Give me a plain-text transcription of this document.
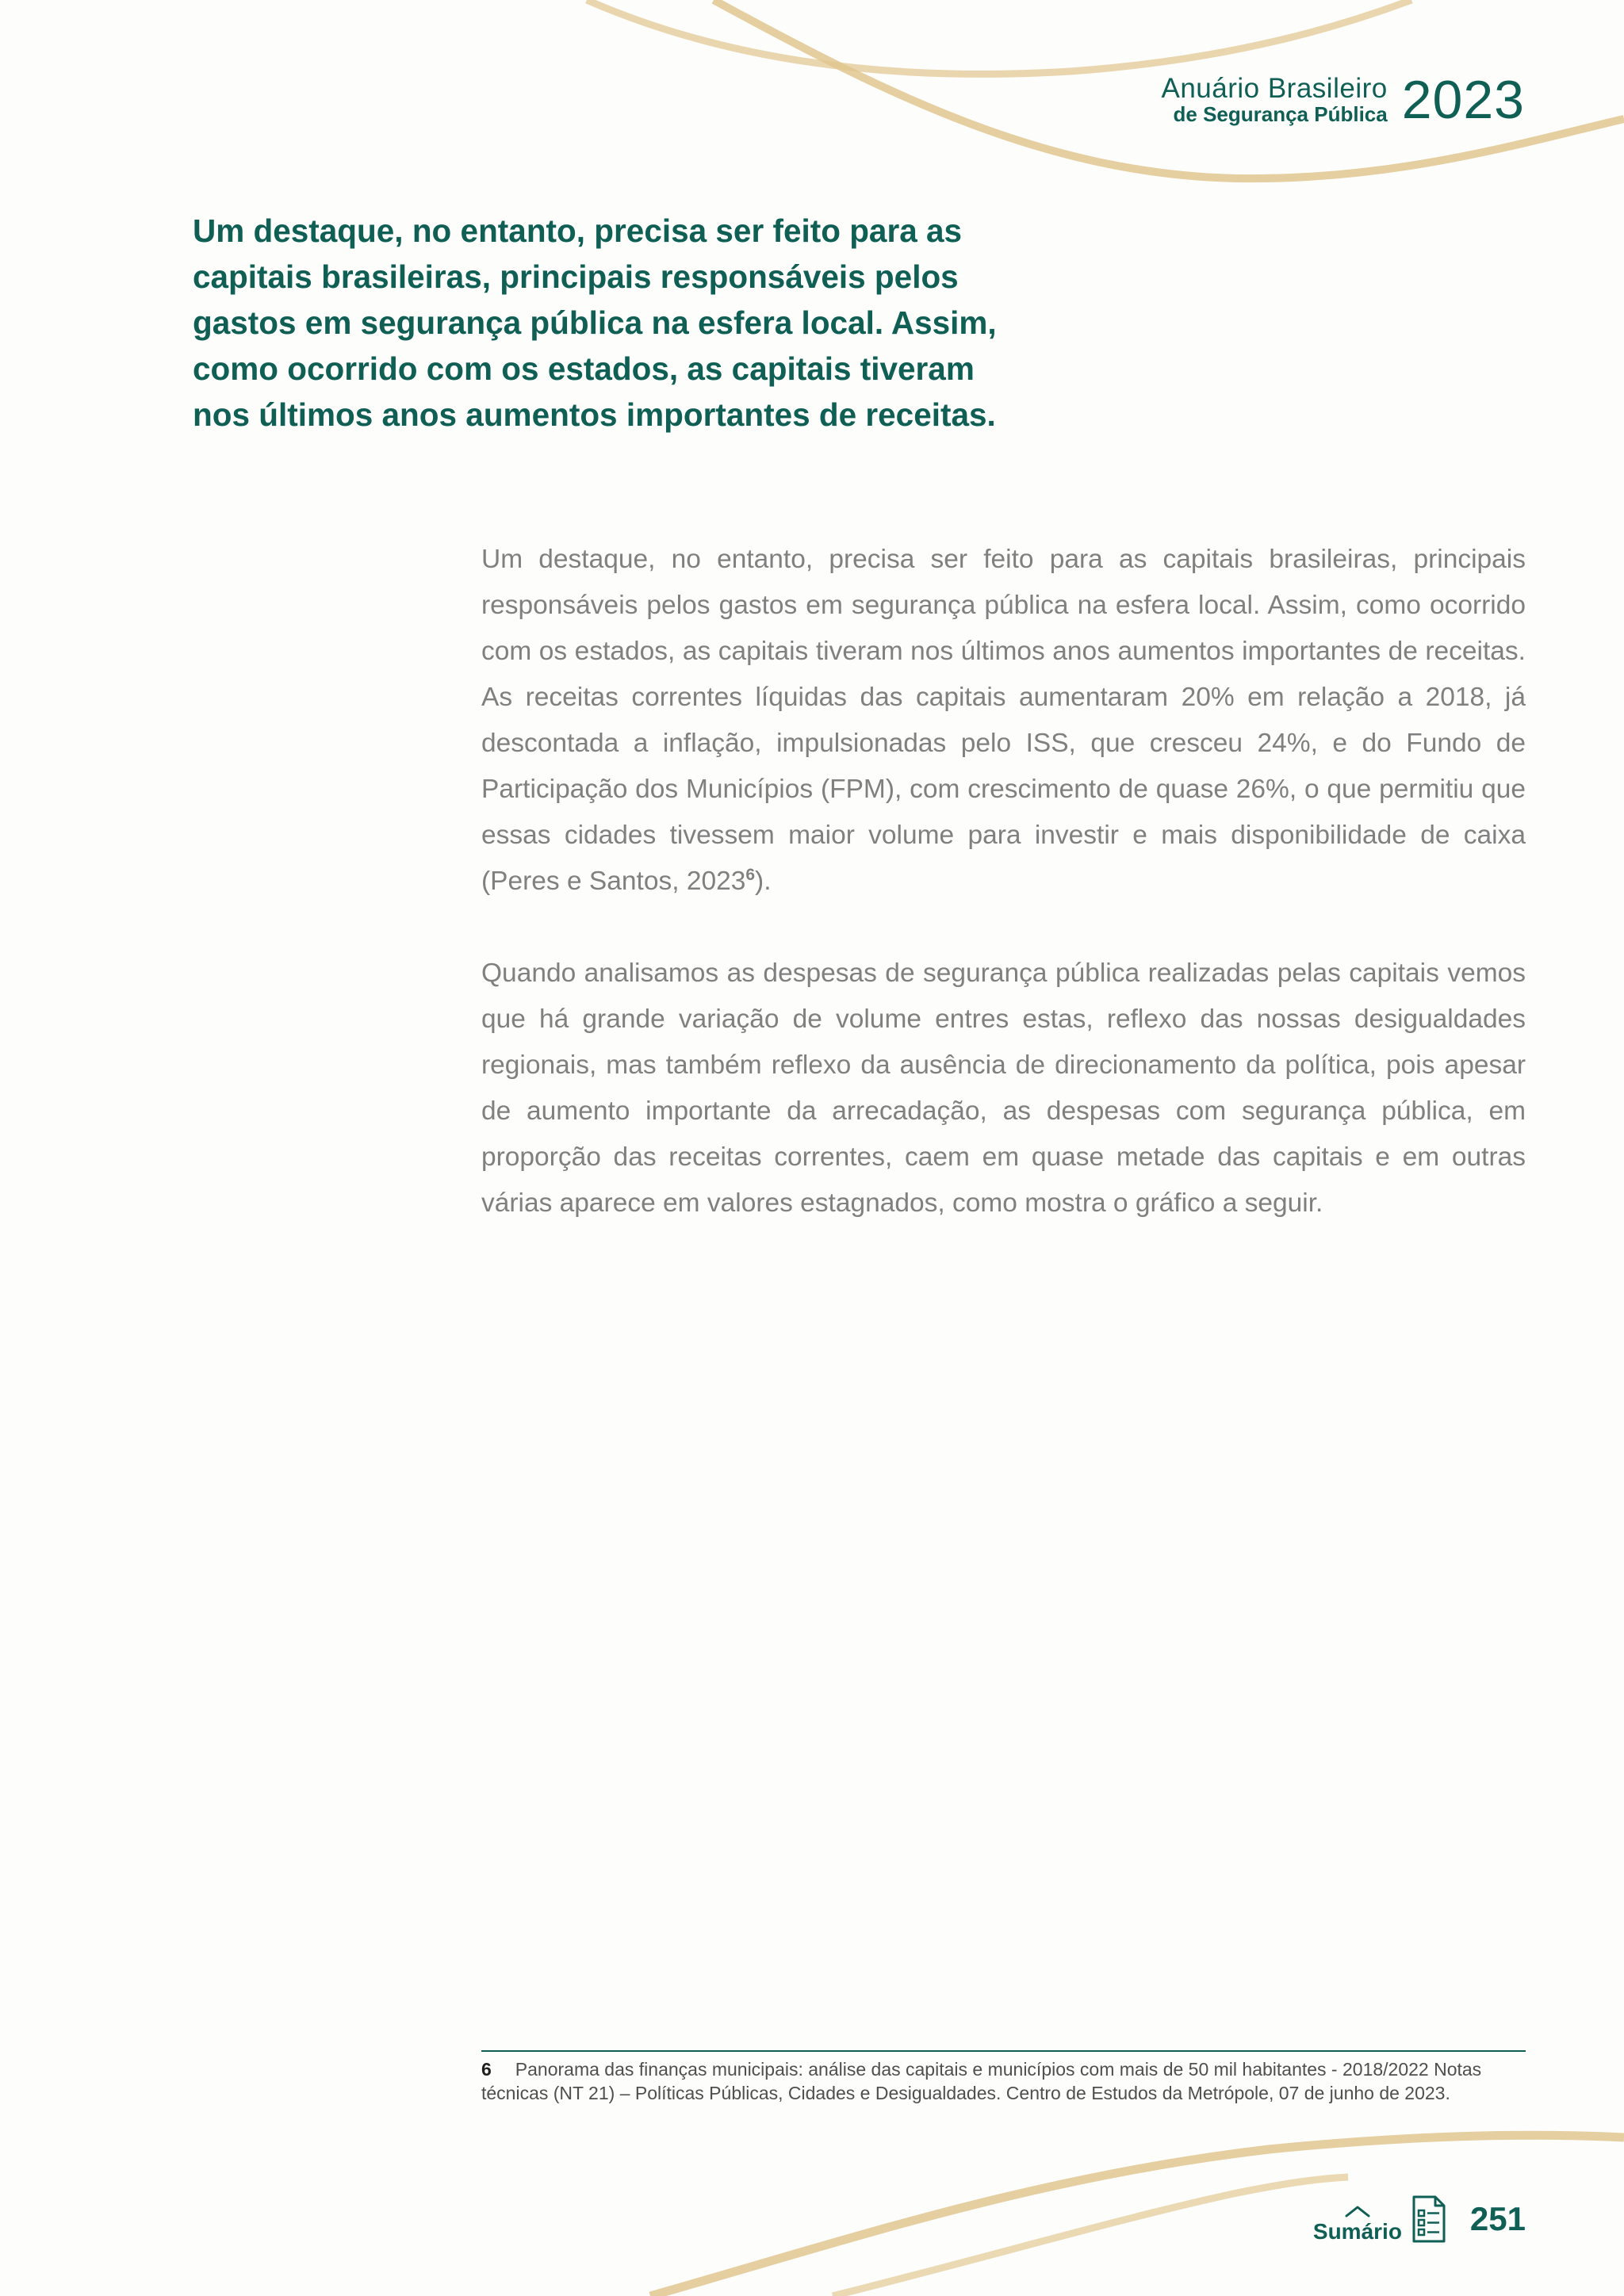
Anuário Brasileiro
de Segurança Pública 2023

Um destaque, no entanto, precisa ser feito para as capitais brasileiras, principais responsáveis pelos gastos em segurança pública na esfera local. Assim, como ocorrido com os estados, as capitais tiveram nos últimos anos aumentos importantes de receitas.

Um destaque, no entanto, precisa ser feito para as capitais brasileiras, principais responsáveis pelos gastos em segurança pública na esfera local. Assim, como ocorrido com os estados, as capitais tiveram nos últimos anos aumentos importantes de receitas. As receitas correntes líquidas das capitais aumentaram 20% em relação a 2018, já descontada a inflação, impulsionadas pelo ISS, que cresceu 24%, e do Fundo de Participação dos Municípios (FPM), com crescimento de quase 26%, o que permitiu que essas cidades tivessem maior volume para investir e mais disponibilidade de caixa (Peres e Santos, 2023$^6$).

Quando analisamos as despesas de segurança pública realizadas pelas capitais vemos que há grande variação de volume entres estas, reflexo das nossas desigualdades regionais, mas também reflexo da ausência de direcionamento da política, pois apesar de aumento importante da arrecadação, as despesas com segurança pública, em proporção das receitas correntes, caem em quase metade das capitais e em outras várias aparece em valores estagnados, como mostra o gráfico a seguir.

6 Panorama das finanças municipais: análise das capitais e municípios com mais de 50 mil habitantes - 2018/2022 Notas técnicas (NT 21) – Políticas Públicas, Cidades e Desigualdades. Centro de Estudos da Metrópole, 07 de junho de 2023.

Sumário 251
